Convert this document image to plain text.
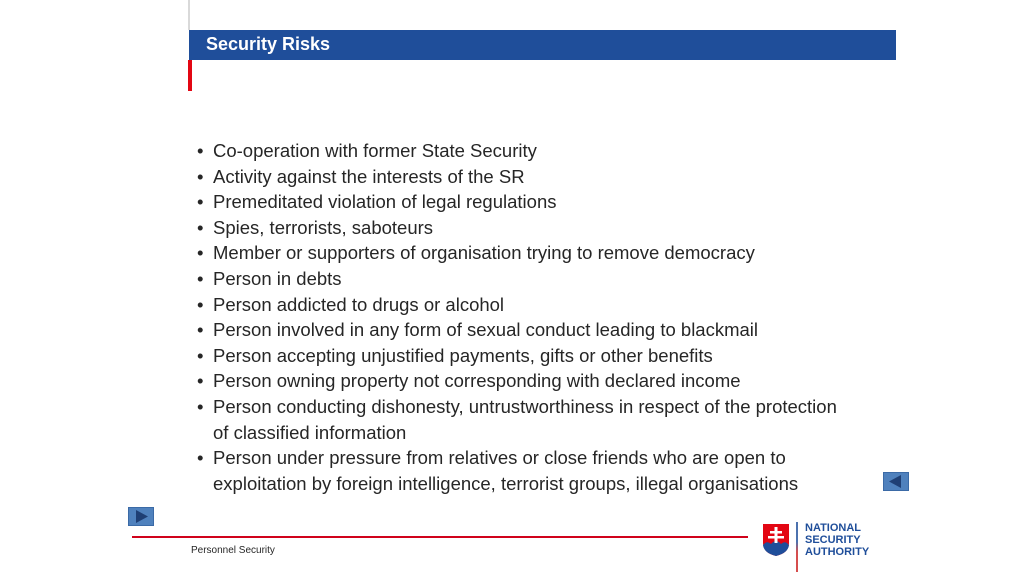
Security Risks
• Co-operation with former State Security
• Activity against the interests of the SR
• Premeditated violation of legal regulations
• Spies, terrorists, saboteurs
• Member or supporters of organisation trying to remove democracy
• Person in debts
• Person addicted to drugs or alcohol
• Person involved in any form of sexual conduct leading to blackmail
• Person accepting unjustified payments, gifts or other benefits
• Person owning property not corresponding with declared income
• Person conducting dishonesty, untrustworthiness in respect of the protection of classified information
• Person under pressure from relatives or close friends who are open to exploitation by foreign intelligence, terrorist groups, illegal organisations
Personnel Security
NATIONAL
SECURITY
AUTHORITY
